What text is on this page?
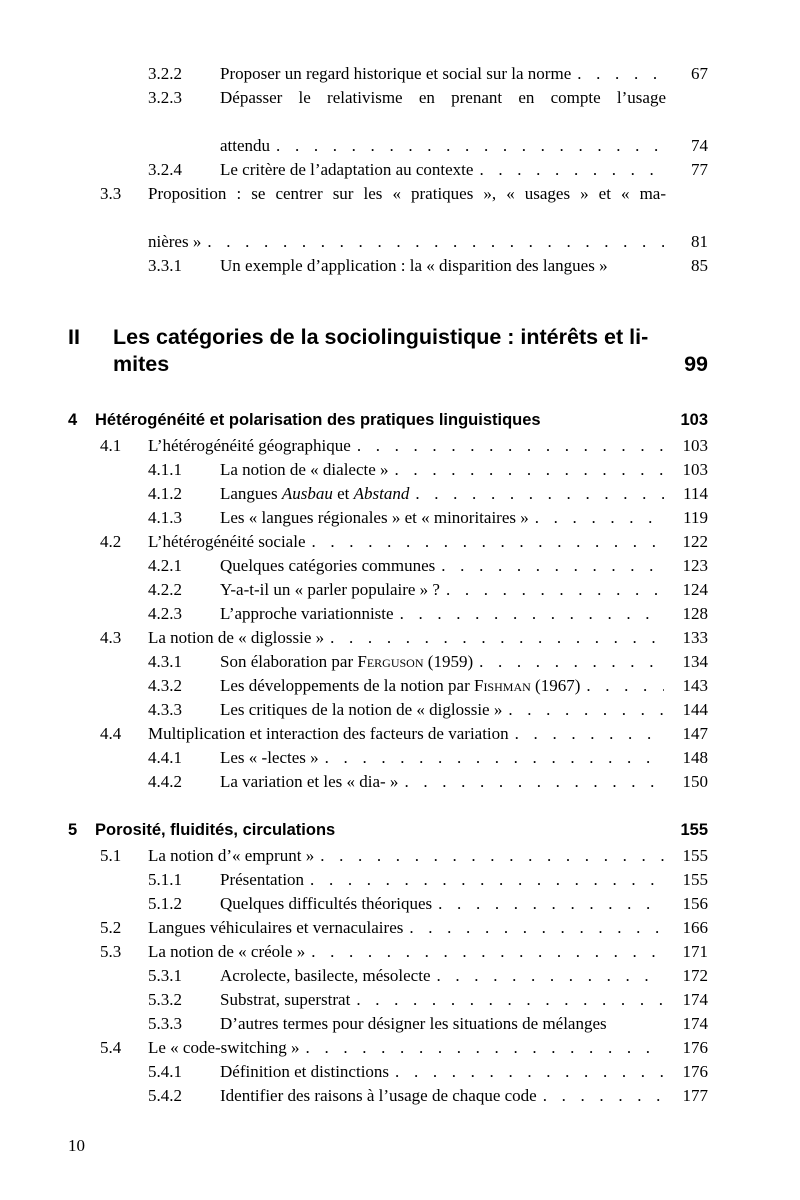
3.2.2	Proposer un regard historique et social sur la norme . . .	67
3.2.3	Dépasser le relativisme en prenant en compte l’usage
attendu . . .	74
3.2.4	Le critère de l’adaptation au contexte . . .	77
3.3	Proposition : se centrer sur les « pratiques », « usages » et « ma-
nières » . . .	81
3.3.1	Un exemple d’application : la « disparition des langues »	85
II	Les catégories de la sociolinguistique : intérêts et li-
mites	99
4	Hétérogénéité et polarisation des pratiques linguistiques	103
4.1	L’hétérogénéité géographique . . .	103
4.1.1	La notion de « dialecte » . . .	103
4.1.2	Langues Ausbau et Abstand . . .	114
4.1.3	Les « langues régionales » et « minoritaires » . . .	119
4.2	L’hétérogénéité sociale . . .	122
4.2.1	Quelques catégories communes . . .	123
4.2.2	Y-a-t-il un « parler populaire » ? . . .	124
4.2.3	L’approche variationniste . . .	128
4.3	La notion de « diglossie » . . .	133
4.3.1	Son élaboration par Ferguson (1959) . . .	134
4.3.2	Les développements de la notion par Fishman (1967) . . .	143
4.3.3	Les critiques de la notion de « diglossie » . . .	144
4.4	Multiplication et interaction des facteurs de variation . . .	147
4.4.1	Les « -lectes » . . .	148
4.4.2	La variation et les « dia- » . . .	150
5	Porosité, fluidités, circulations	155
5.1	La notion d’« emprunt » . . .	155
5.1.1	Présentation . . .	155
5.1.2	Quelques difficultés théoriques . . .	156
5.2	Langues véhiculaires et vernaculaires . . .	166
5.3	La notion de « créole » . . .	171
5.3.1	Acrolecte, basilecte, mésolecte . . .	172
5.3.2	Substrat, superstrat . . .	174
5.3.3	D’autres termes pour désigner les situations de mélanges	174
5.4	Le « code-switching » . . .	176
5.4.1	Définition et distinctions . . .	176
5.4.2	Identifier des raisons à l’usage de chaque code . . .	177
10
